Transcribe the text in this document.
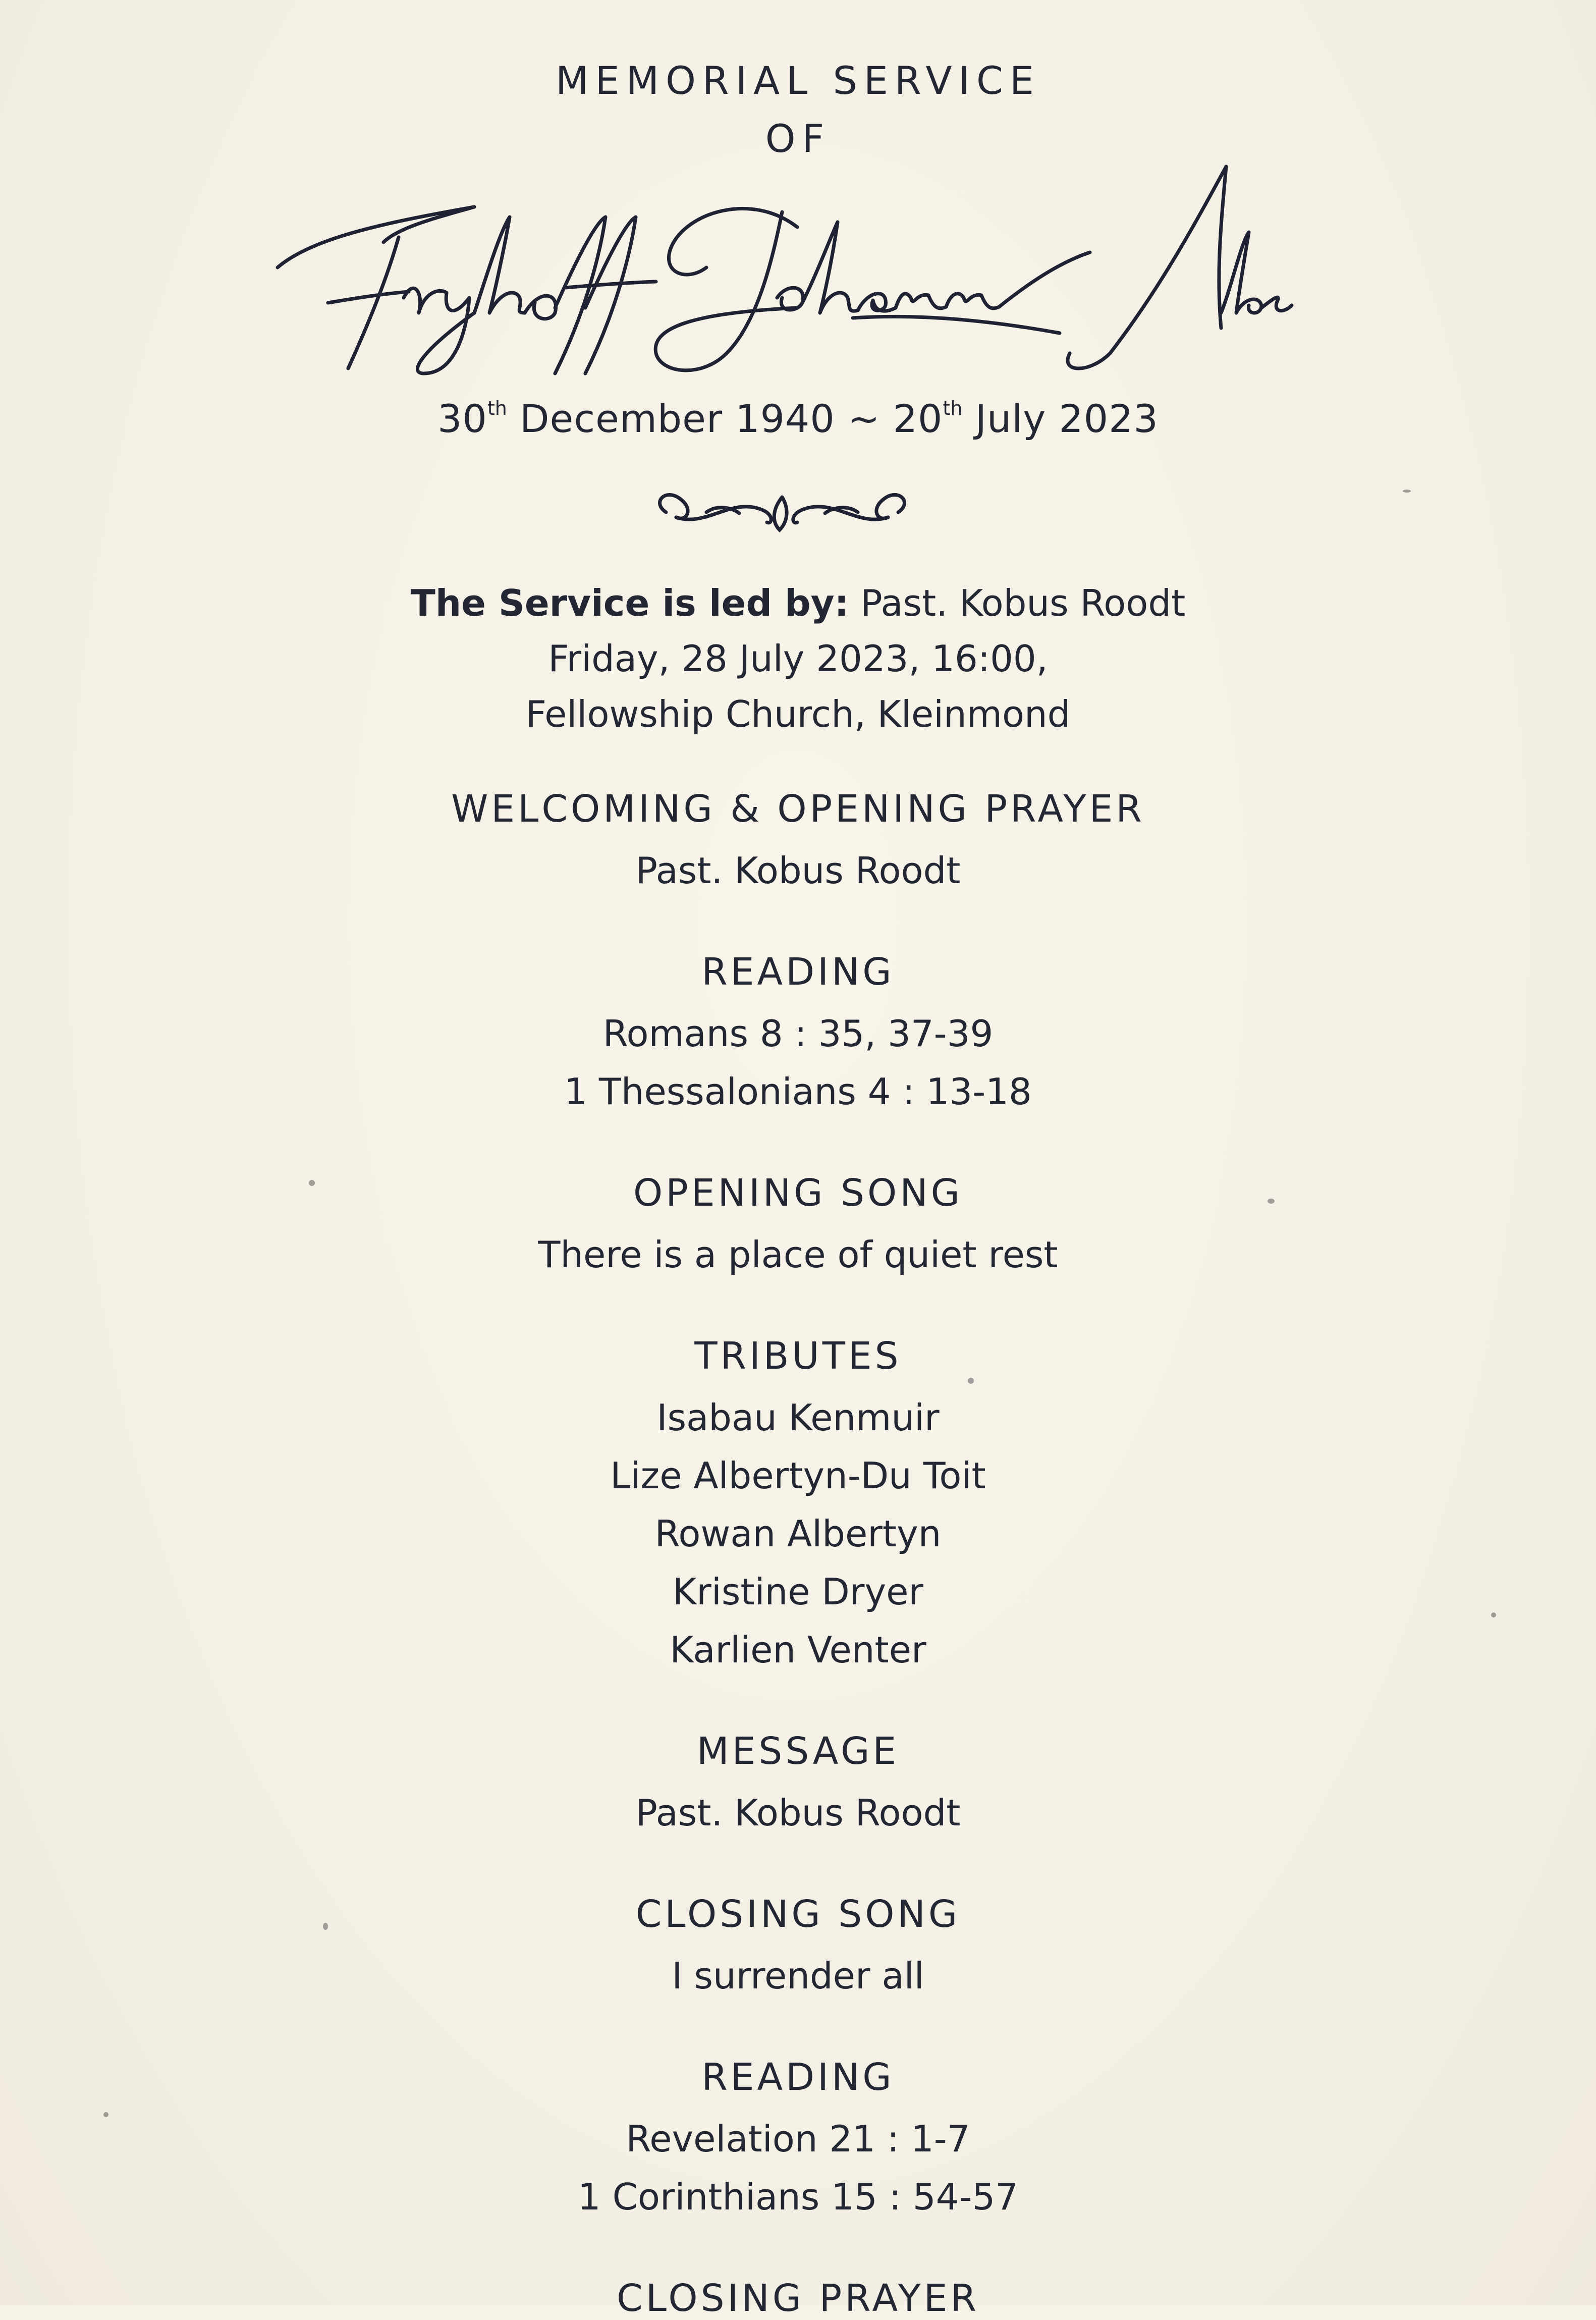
MEMORIAL SERVICE
OF
30th December 1940 ~ 20th July 2023
The Service is led by: Past. Kobus Roodt
Friday, 28 July 2023, 16:00,
Fellowship Church, Kleinmond
WELCOMING & OPENING PRAYER
Past. Kobus Roodt
READING
Romans 8 : 35, 37-39
1 Thessalonians 4 : 13-18
OPENING SONG
There is a place of quiet rest
TRIBUTES
Isabau Kenmuir
Lize Albertyn-Du Toit
Rowan Albertyn
Kristine Dryer
Karlien Venter
MESSAGE
Past. Kobus Roodt
CLOSING SONG
I surrender all
READING
Revelation 21 : 1-7
1 Corinthians 15 : 54-57
CLOSING PRAYER
